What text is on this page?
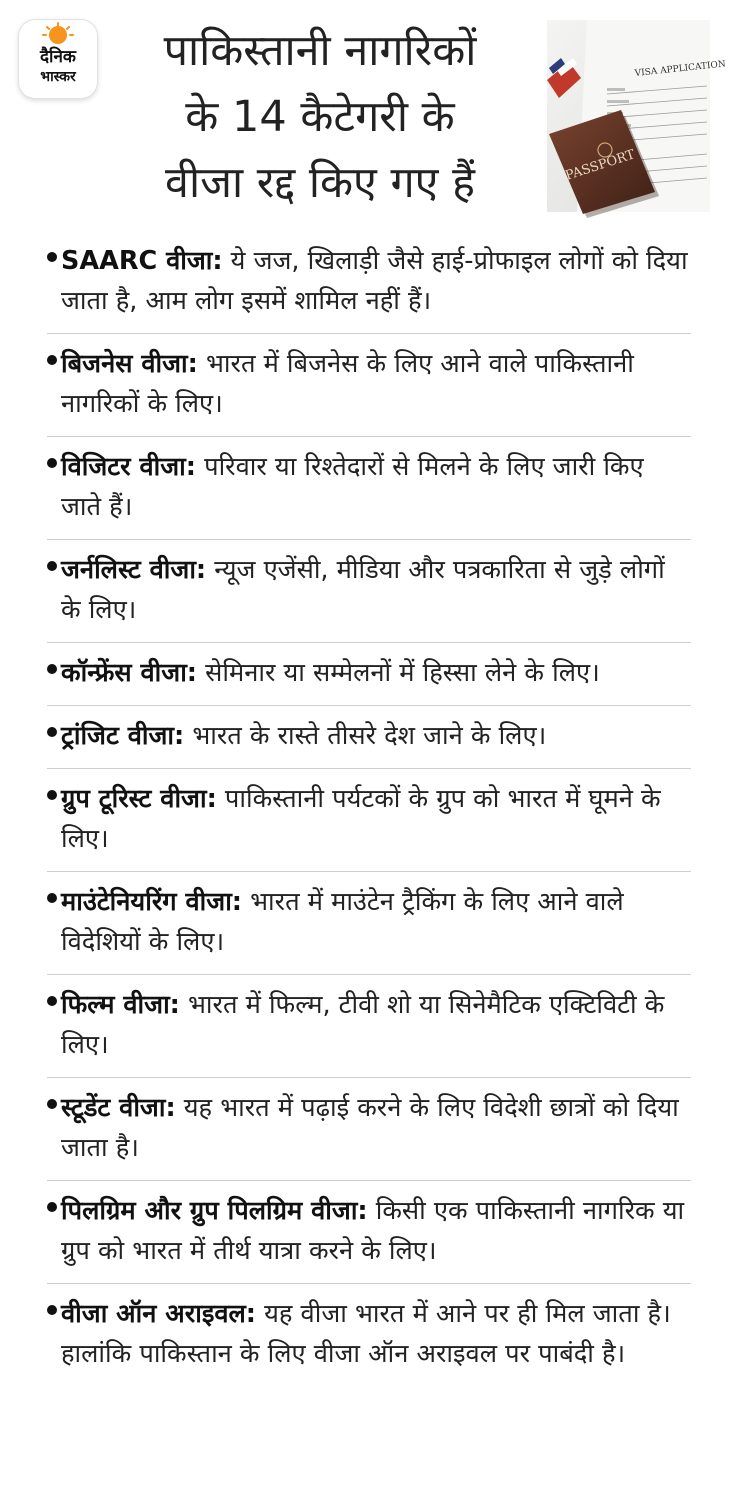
दैनिक
भास्कर
पाकिस्तानी नागरिकों
के 14 कैटेगरी के
वीजा रद्द किए गए हैं
VISA APPLICATION
PASSPORT
SAARC वीजा: ये जज, खिलाड़ी जैसे हाई-प्रोफाइल लोगों को दिया जाता है, आम लोग इसमें शामिल नहीं हैं।
बिजनेस वीजा: भारत में बिजनेस के लिए आने वाले पाकिस्तानी नागरिकों के लिए।
विजिटर वीजा: परिवार या रिश्तेदारों से मिलने के लिए जारी किए जाते हैं।
जर्नलिस्ट वीजा: न्यूज एजेंसी, मीडिया और पत्रकारिता से जुड़े लोगों के लिए।
कॉन्फ्रेंस वीजा: सेमिनार या सम्मेलनों में हिस्सा लेने के लिए।
ट्रांजिट वीजा: भारत के रास्ते तीसरे देश जाने के लिए।
ग्रुप टूरिस्ट वीजा: पाकिस्तानी पर्यटकों के ग्रुप को भारत में घूमने के लिए।
माउंटेनियरिंग वीजा: भारत में माउंटेन ट्रैकिंग के लिए आने वाले विदेशियों के लिए।
फिल्म वीजा: भारत में फिल्म, टीवी शो या सिनेमैटिक एक्टिविटी के लिए।
स्टूडेंट वीजा: यह भारत में पढ़ाई करने के लिए विदेशी छात्रों को दिया जाता है।
पिलग्रिम और ग्रुप पिलग्रिम वीजा: किसी एक पाकिस्तानी नागरिक या ग्रुप को भारत में तीर्थ यात्रा करने के लिए।
वीजा ऑन अराइवल: यह वीजा भारत में आने पर ही मिल जाता है। हालांकि पाकिस्तान के लिए वीजा ऑन अराइवल पर पाबंदी है।
